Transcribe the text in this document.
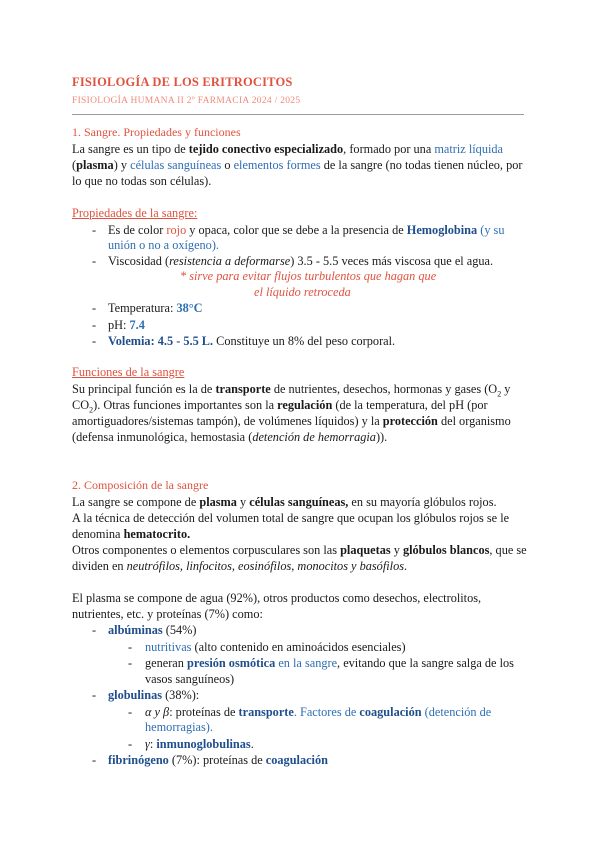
FISIOLOGÍA DE LOS ERITROCITOS
FISIOLOGÍA HUMANA II 2º FARMACIA 2024 / 2025
1. Sangre. Propiedades y funciones
La sangre es un tipo de tejido conectivo especializado, formado por una matriz líquida
(plasma) y células sanguíneas o elementos formes de la sangre (no todas tienen núcleo, por
lo que no todas son células).
Propiedades de la sangre:
- Es de color rojo y opaca, color que se debe a la presencia de Hemoglobina (y su
unión o no a oxígeno).
- Viscosidad (resistencia a deformarse) 3.5 - 5.5 veces más viscosa que el agua.
* sirve para evitar flujos turbulentos que hagan que
el líquido retroceda
- Temperatura: 38°C
- pH: 7.4
- Volemia: 4.5 - 5.5 L. Constituye un 8% del peso corporal.
Funciones de la sangre
Su principal función es la de transporte de nutrientes, desechos, hormonas y gases ($O_2$ y
$CO_2$). Otras funciones importantes son la regulación (de la temperatura, del pH (por
amortiguadores/sistemas tampón), de volúmenes líquidos) y la protección del organismo
(defensa inmunológica, hemostasia (detención de hemorragia)).
2. Composición de la sangre
La sangre se compone de plasma y células sanguíneas, en su mayoría glóbulos rojos.
A la técnica de detección del volumen total de sangre que ocupan los glóbulos rojos se le
denomina hematocrito.
Otros componentes o elementos corpusculares son las plaquetas y glóbulos blancos, que se
dividen en neutrófilos, linfocitos, eosinófilos, monocitos y basófilos.
El plasma se compone de agua (92%), otros productos como desechos, electrolitos,
nutrientes, etc. y proteínas (7%) como:
- albúminas (54%)
- nutritivas (alto contenido en aminoácidos esenciales)
- generan presión osmótica en la sangre, evitando que la sangre salga de los
vasos sanguíneos)
- globulinas (38%):
- α y β: proteínas de transporte. Factores de coagulación (detención de
hemorragias).
- γ: inmunoglobulinas.
- fibrinógeno (7%): proteínas de coagulación
